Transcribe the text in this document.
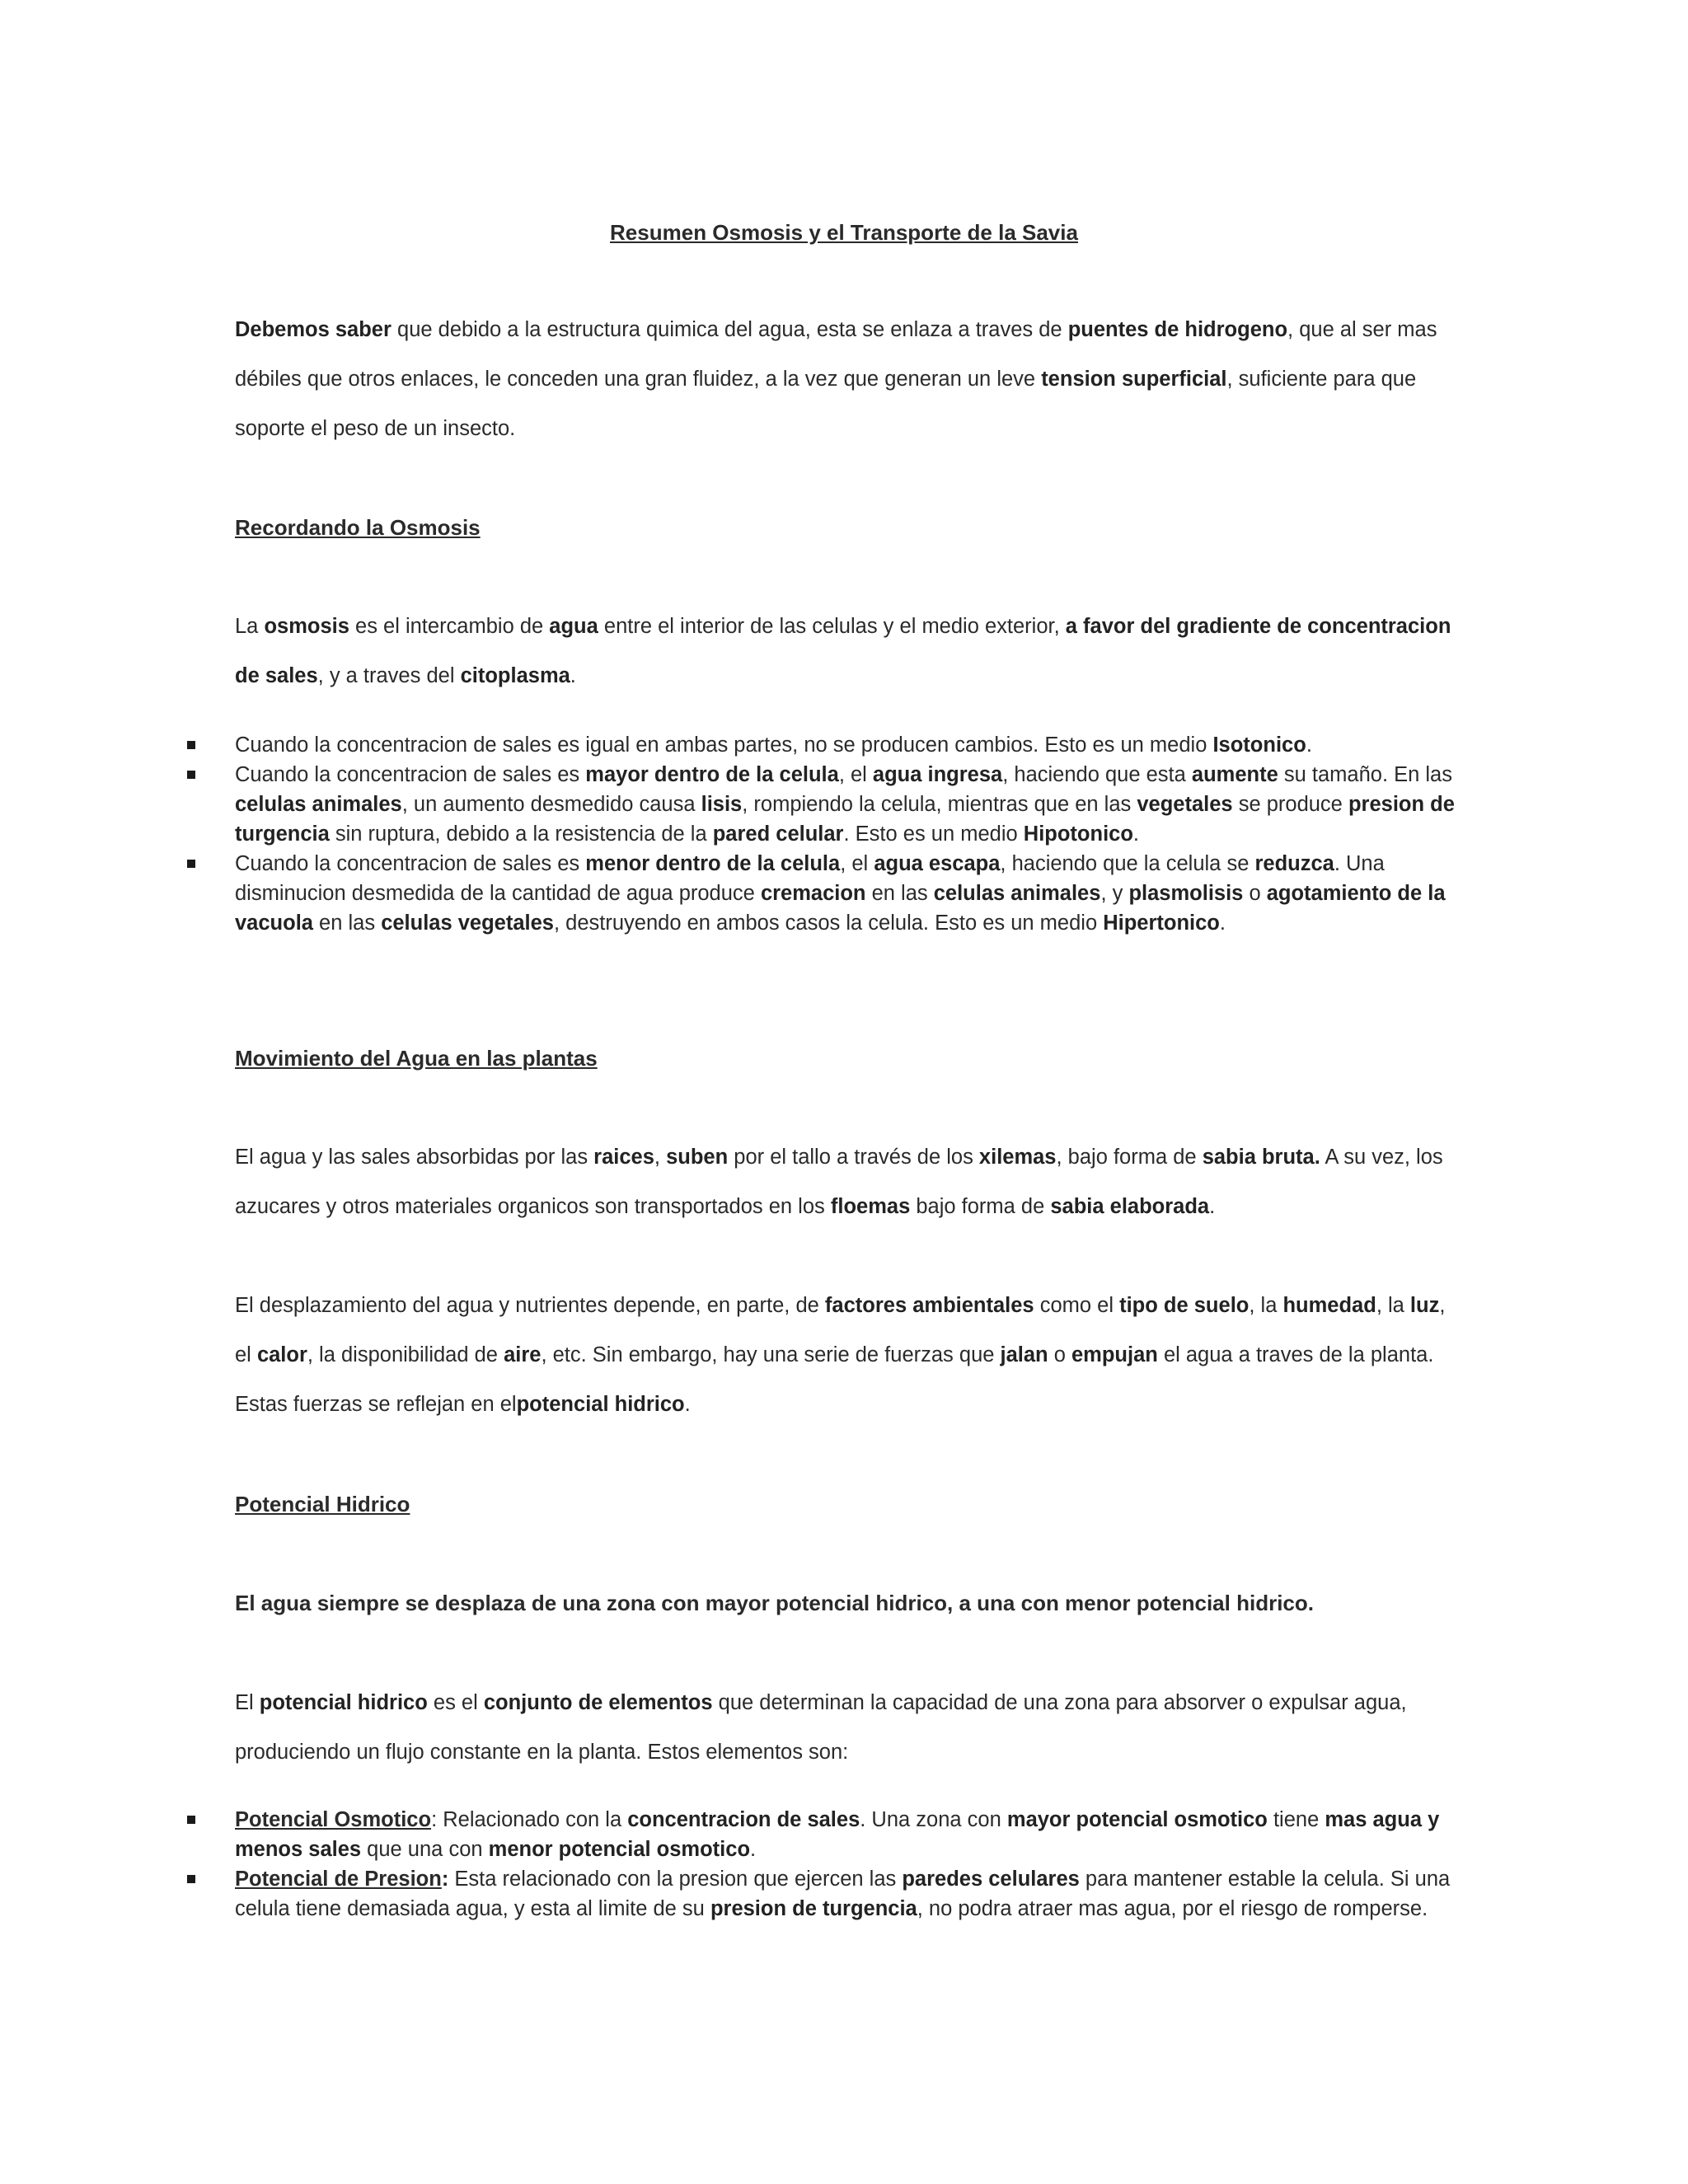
Resumen Osmosis y el Transporte de la Savia

Debemos saber que debido a la estructura quimica del agua, esta se enlaza a traves de puentes de hidrogeno, que al ser mas débiles que otros enlaces, le conceden una gran fluidez, a la vez que generan un leve tension superficial, suficiente para que soporte el peso de un insecto.

Recordando la Osmosis

La osmosis es el intercambio de agua entre el interior de las celulas y el medio exterior, a favor del gradiente de concentracion de sales, y a traves del citoplasma.

Cuando la concentracion de sales es igual en ambas partes, no se producen cambios. Esto es un medio Isotonico.
Cuando la concentracion de sales es mayor dentro de la celula, el agua ingresa, haciendo que esta aumente su tamaño. En las celulas animales, un aumento desmedido causa lisis, rompiendo la celula, mientras que en las vegetales se produce presion de turgencia sin ruptura, debido a la resistencia de la pared celular. Esto es un medio Hipotonico.
Cuando la concentracion de sales es menor dentro de la celula, el agua escapa, haciendo que la celula se reduzca. Una disminucion desmedida de la cantidad de agua produce cremacion en las celulas animales, y plasmolisis o agotamiento de la vacuola en las celulas vegetales, destruyendo en ambos casos la celula. Esto es un medio Hipertonico.
Movimiento del Agua en las plantas

El agua y las sales absorbidas por las raices, suben por el tallo a través de los xilemas, bajo forma de sabia bruta. A su vez, los azucares y otros materiales organicos son transportados en los floemas bajo forma de sabia elaborada.

El desplazamiento del agua y nutrientes depende, en parte, de factores ambientales como el tipo de suelo, la humedad, la luz, el calor, la disponibilidad de aire, etc. Sin embargo, hay una serie de fuerzas que jalan o empujan el agua a traves de la planta. Estas fuerzas se reflejan en elpotencial hidrico.

Potencial Hidrico

El agua siempre se desplaza de una zona con mayor potencial hidrico, a una con menor potencial hidrico.

El potencial hidrico es el conjunto de elementos que determinan la capacidad de una zona para absorver o expulsar agua, produciendo un flujo constante en la planta. Estos elementos son:

Potencial Osmotico: Relacionado con la concentracion de sales. Una zona con mayor potencial osmotico tiene mas agua y menos sales que una con menor potencial osmotico.
Potencial de Presion: Esta relacionado con la presion que ejercen las paredes celulares para mantener estable la celula. Si una celula tiene demasiada agua, y esta al limite de su presion de turgencia, no podra atraer mas agua, por el riesgo de romperse.
